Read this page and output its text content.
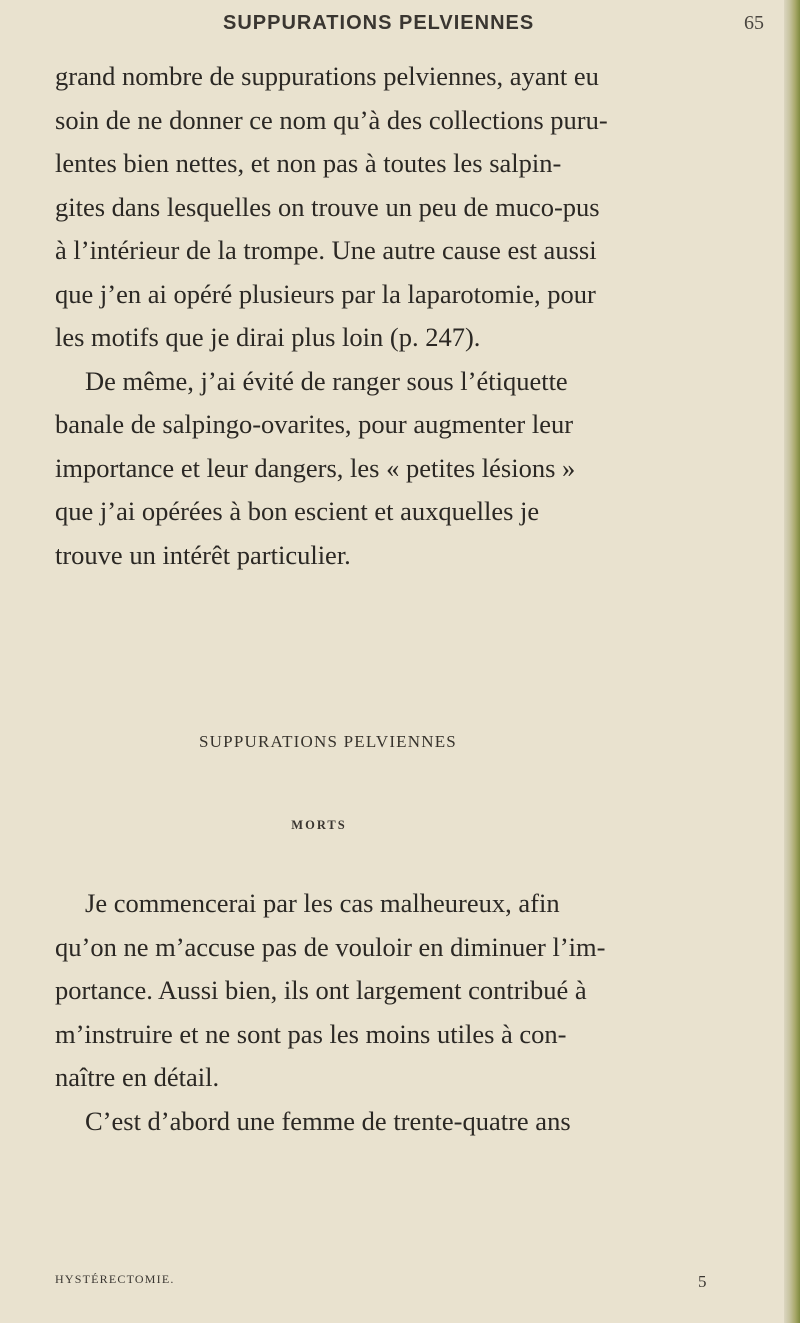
SUPPURATIONS PELVIENNES	65

grand nombre de suppurations pelviennes, ayant eu
soin de ne donner ce nom qu’à des collections puru-
lentes bien nettes, et non pas à toutes les salpin-
gites dans lesquelles on trouve un peu de muco-pus
à l’intérieur de la trompe. Une autre cause est aussi
que j’en ai opéré plusieurs par la laparotomie, pour
les motifs que je dirai plus loin (p. 247).

De même, j’ai évité de ranger sous l’étiquette
banale de salpingo-ovarites, pour augmenter leur
importance et leur dangers, les « petites lésions »
que j’ai opérées à bon escient et auxquelles je
trouve un intérêt particulier.

SUPPURATIONS PELVIENNES
MORTS

Je commencerai par les cas malheureux, afin
qu’on ne m’accuse pas de vouloir en diminuer l’im-
portance. Aussi bien, ils ont largement contribué à
m’instruire et ne sont pas les moins utiles à con-
naître en détail.

C’est d’abord une femme de trente-quatre ans

HYSTÉRECTOMIE.	5
